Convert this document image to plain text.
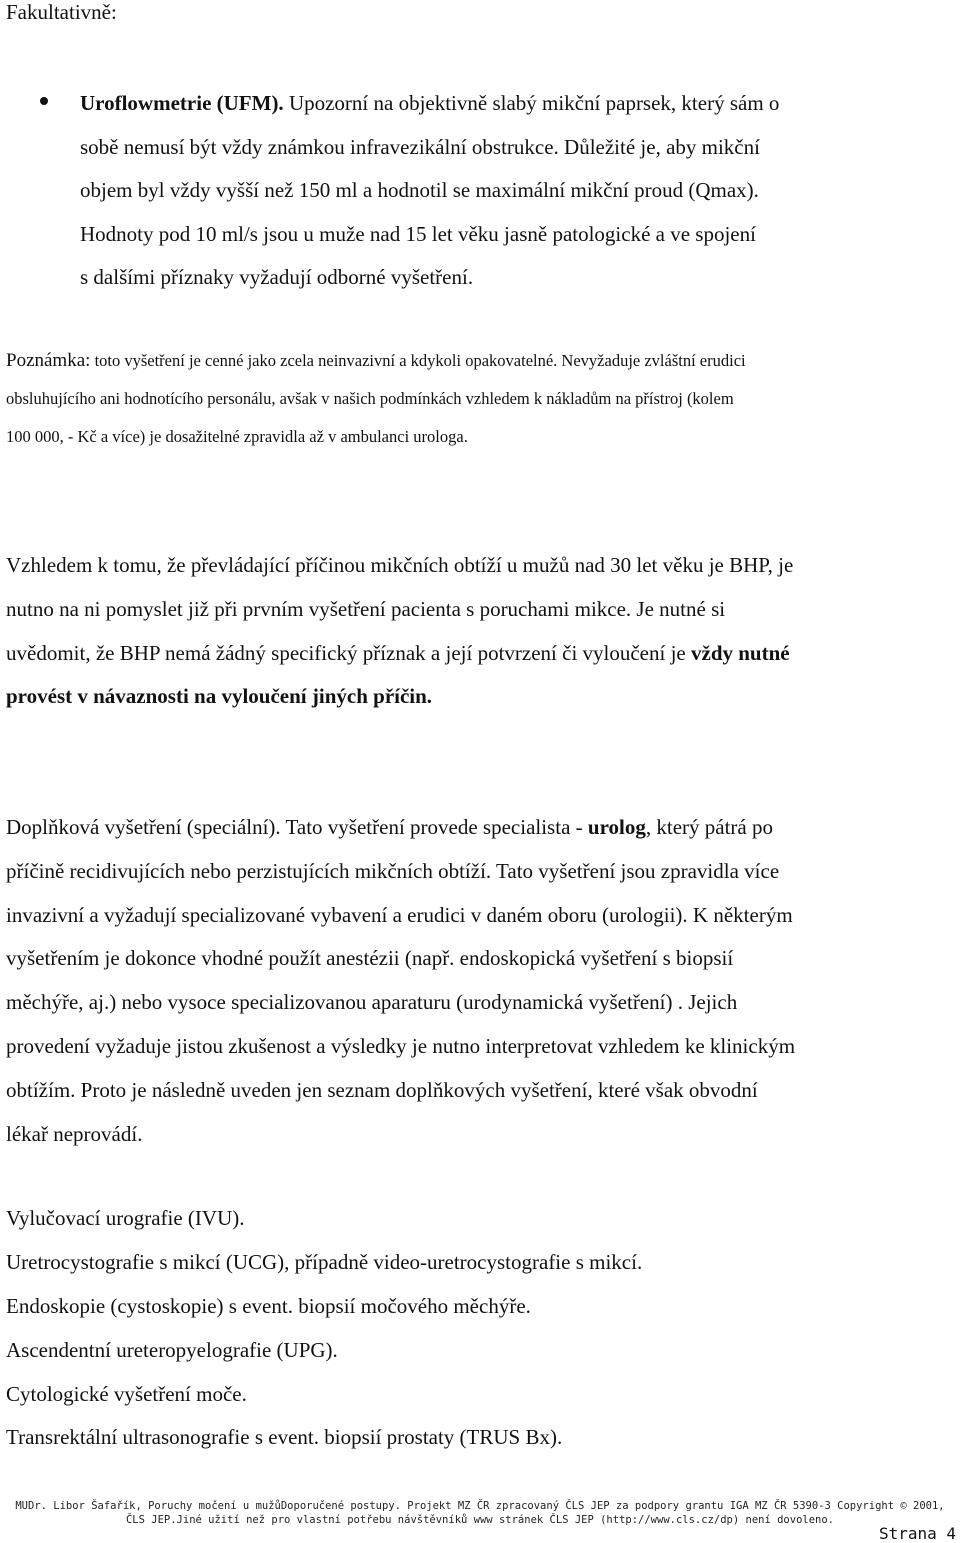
Fakultativně:
Uroflowmetrie (UFM). Upozorní na objektivně slabý mikční paprsek, který sám o
sobě nemusí být vždy známkou infravezikální obstrukce. Důležité je, aby mikční
objem byl vždy vyšší než 150 ml a hodnotil se maximální mikční proud (Qmax).
Hodnoty pod 10 ml/s jsou u muže nad 15 let věku jasně patologické a ve spojení
s dalšími příznaky vyžadují odborné vyšetření.
Poznámka: toto vyšetření je cenné jako zcela neinvazivní a kdykoli opakovatelné. Nevyžaduje zvláštní erudici
obsluhujícího ani hodnotícího personálu, avšak v našich podmínkách vzhledem k nákladům na přístroj (kolem
100 000, - Kč a více) je dosažitelné zpravidla až v ambulanci urologa.
Vzhledem k tomu, že převládající příčinou mikčních obtíží u mužů nad 30 let věku je BHP, je
nutno na ni pomyslet již při prvním vyšetření pacienta s poruchami mikce. Je nutné si
uvědomit, že BHP nemá žádný specifický příznak a její potvrzení či vyloučení je vždy nutné
provést v návaznosti na vyloučení jiných příčin.
Doplňková vyšetření (speciální). Tato vyšetření provede specialista - urolog, který pátrá po
příčině recidivujících nebo perzistujících mikčních obtíží. Tato vyšetření jsou zpravidla více
invazivní a vyžadují specializované vybavení a erudici v daném oboru (urologii). K některým
vyšetřením je dokonce vhodné použít anestézii (např. endoskopická vyšetření s biopsií
měchýře, aj.) nebo vysoce specializovanou aparaturu (urodynamická vyšetření) . Jejich
provedení vyžaduje jistou zkušenost a výsledky je nutno interpretovat vzhledem ke klinickým
obtížím. Proto je následně uveden jen seznam doplňkových vyšetření, které však obvodní
lékař neprovádí.
Vylučovací urografie (IVU).
Uretrocystografie s mikcí (UCG), případně video-uretrocystografie s mikcí.
Endoskopie (cystoskopie) s event. biopsií močového měchýře.
Ascendentní ureteropyelografie (UPG).
Cytologické vyšetření moče.
Transrektální ultrasonografie s event. biopsií prostaty (TRUS Bx).
MUDr. Libor Šafařík, Poruchy močení u mužůDoporučené postupy. Projekt MZ ČR zpracovaný ČLS JEP za podpory grantu IGA MZ ČR 5390-3 Copyright © 2001,
ČLS JEP.Jiné užití než pro vlastní potřebu návštěvníků www stránek ČLS JEP (http://www.cls.cz/dp) není dovoleno.
Strana 4
